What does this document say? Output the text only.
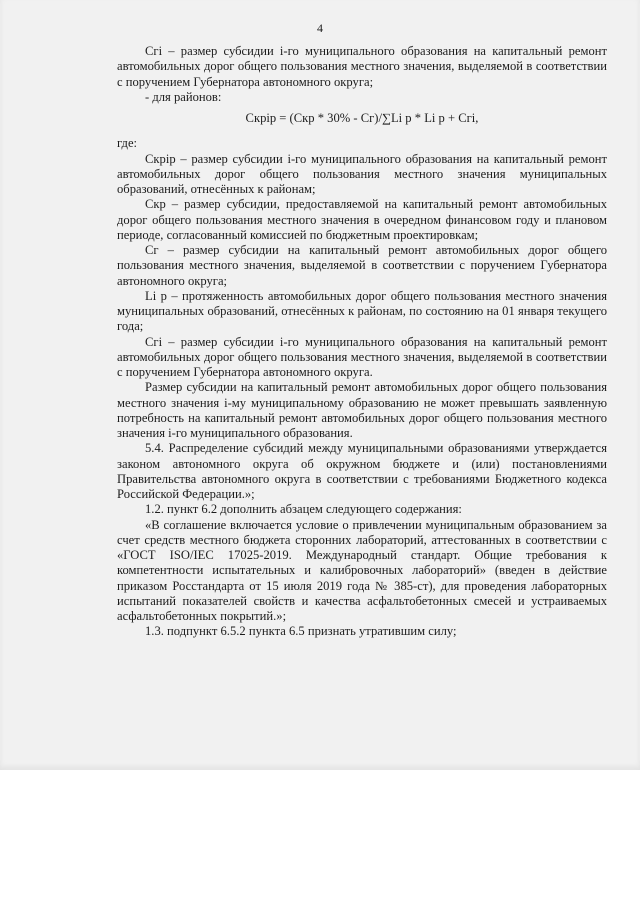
4

Cгi – размер субсидии i-го муниципального образования на капитальный ремонт автомобильных дорог общего пользования местного значения, выделяемой в соответствии с поручением Губернатора автономного округа;

- для районов:

Скрiр = (Скр * 30% - Сг)/∑Li р * Li р + Сгi,

где:

Скрiр – размер субсидии i-го муниципального образования на капитальный ремонт автомобильных дорог общего пользования местного значения муниципальных образований, отнесённых к районам;

Скр – размер субсидии, предоставляемой на капитальный ремонт автомобильных дорог общего пользования местного значения в очередном финансовом году и плановом периоде, согласованный комиссией по бюджетным проектировкам;

Сг – размер субсидии на капитальный ремонт автомобильных дорог общего пользования местного значения, выделяемой в соответствии с поручением Губернатора автономного округа;

Li р – протяженность автомобильных дорог общего пользования местного значения муниципальных образований, отнесённых к районам, по состоянию на 01 января текущего года;

Сгi – размер субсидии i-го муниципального образования на капитальный ремонт автомобильных дорог общего пользования местного значения, выделяемой в соответствии с поручением Губернатора автономного округа.

Размер субсидии на капитальный ремонт автомобильных дорог общего пользования местного значения i-му муниципальному образованию не может превышать заявленную потребность на капитальный ремонт автомобильных дорог общего пользования местного значения i-го муниципального образования.

5.4. Распределение субсидий между муниципальными образованиями утверждается законом автономного округа об окружном бюджете и (или) постановлениями Правительства автономного округа в соответствии с требованиями Бюджетного кодекса Российской Федерации.»;

1.2. пункт 6.2 дополнить абзацем следующего содержания:

«В соглашение включается условие о привлечении муниципальным образованием за счет средств местного бюджета сторонних лабораторий, аттестованных в соответствии с «ГОСТ ISO/IEC 17025-2019. Международный стандарт. Общие требования к компетентности испытательных и калибровочных лабораторий» (введен в действие приказом Росстандарта от 15 июля 2019 года № 385-ст), для проведения лабораторных испытаний показателей свойств и качества асфальтобетонных смесей и устраиваемых асфальтобетонных покрытий.»;

1.3. подпункт 6.5.2 пункта 6.5 признать утратившим силу;
